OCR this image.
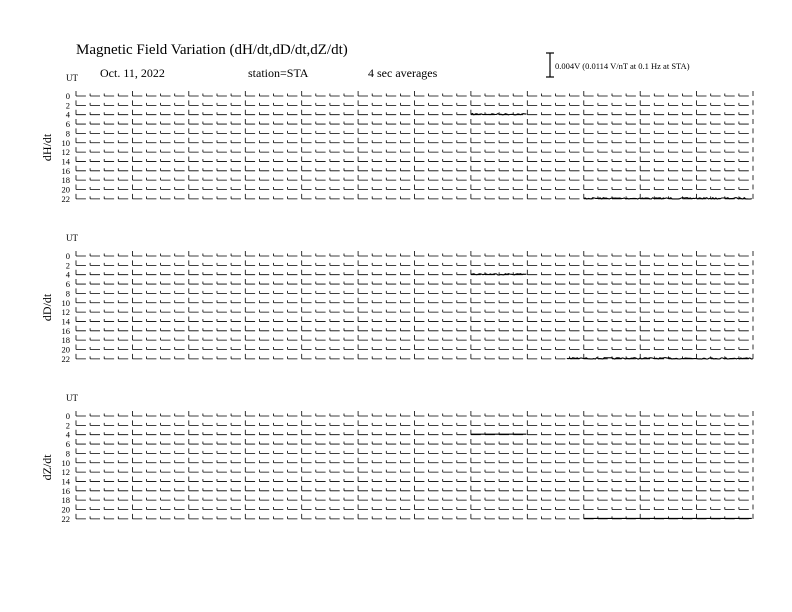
Magnetic Field Variation (dH/dt,dD/dt,dZ/dt)
Oct. 11, 2022	station=STA	4 sec averages	0.004V (0.0114 V/nT at 0.1 Hz at STA)
UT
dH/dt
0
2
4
6
8
10
12
14
16
18
20
22
UT
dD/dt
0
2
4
6
8
10
12
14
16
18
20
22
UT
dZ/dt
0
2
4
6
8
10
12
14
16
18
20
22
